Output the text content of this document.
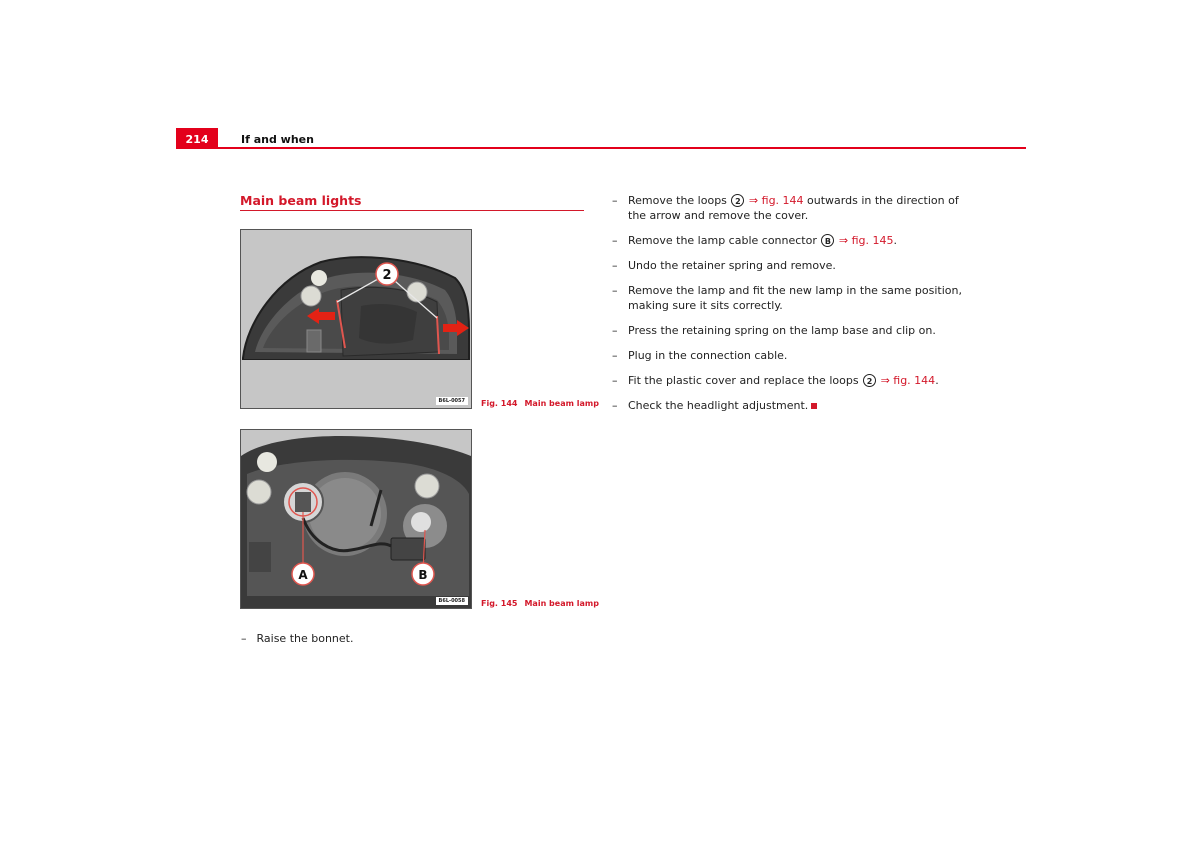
214	If and when
Main beam lights
2
B6L-0057	Fig. 144 Main beam lamp
A	B
B6L-0058	Fig. 145 Main beam lamp
– Raise the bonnet.
– Remove the loops 2 ⇒ fig. 144 outwards in the direction of the arrow and remove the cover.
– Remove the lamp cable connector B ⇒ fig. 145.
– Undo the retainer spring and remove.
– Remove the lamp and fit the new lamp in the same position, making sure it sits correctly.
– Press the retaining spring on the lamp base and clip on.
– Plug in the connection cable.
– Fit the plastic cover and replace the loops 2 ⇒ fig. 144.
– Check the headlight adjustment.
